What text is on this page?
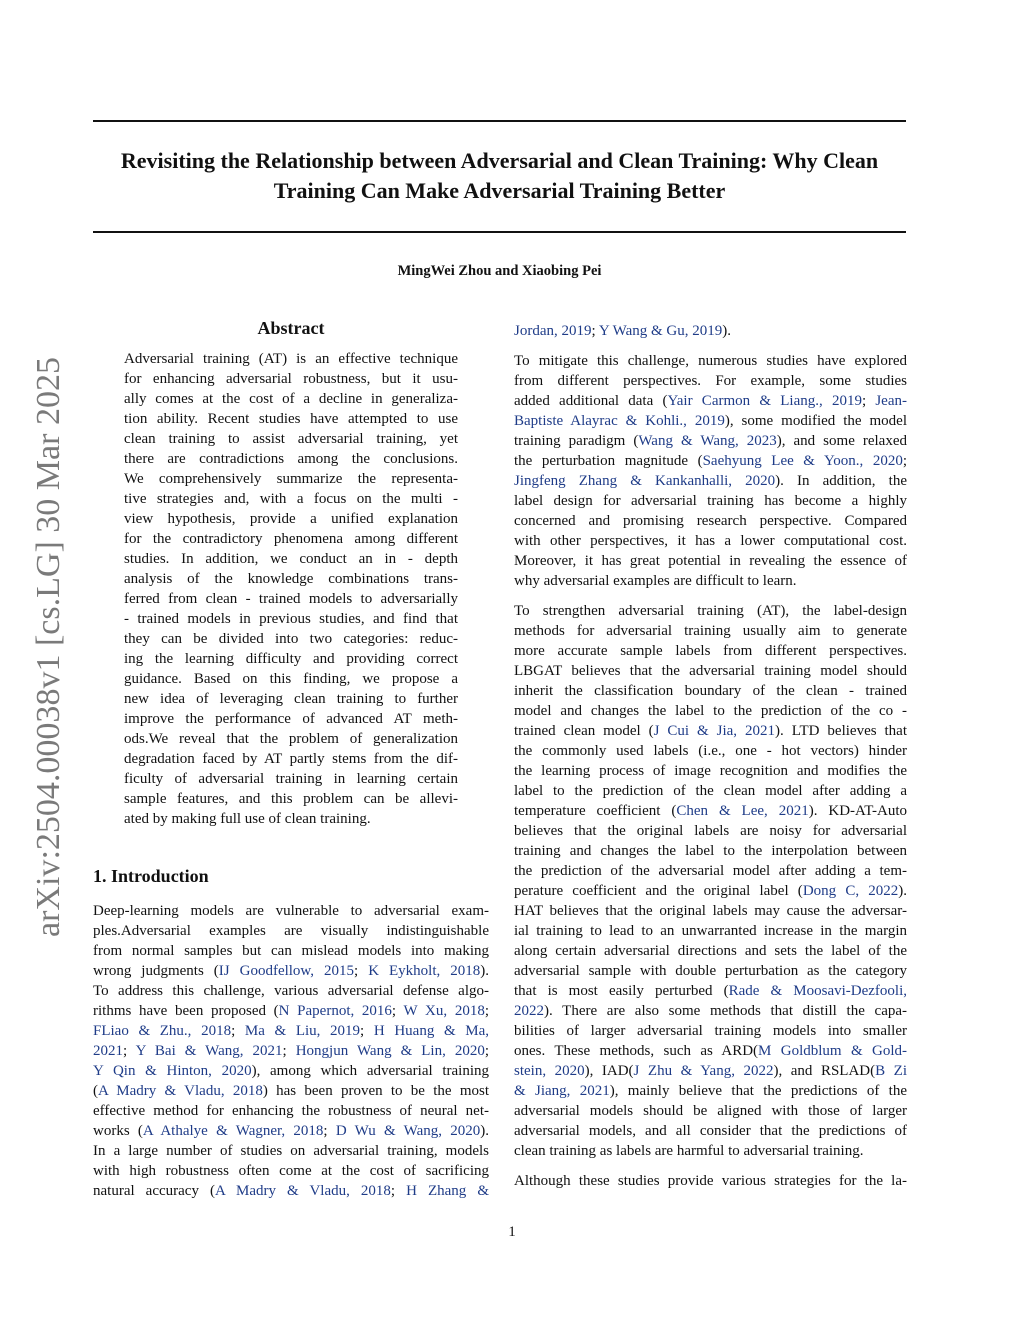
Revisiting the Relationship between Adversarial and Clean Training: Why Clean
Training Can Make Adversarial Training Better
MingWei Zhou and Xiaobing Pei
arXiv:2504.00038v1 [cs.LG] 30 Mar 2025
Abstract
Adversarial training (AT) is an effective technique
for enhancing adversarial robustness, but it usu-
ally comes at the cost of a decline in generaliza-
tion ability. Recent studies have attempted to use
clean training to assist adversarial training, yet
there are contradictions among the conclusions.
We comprehensively summarize the representa-
tive strategies and, with a focus on the multi -
view hypothesis, provide a unified explanation
for the contradictory phenomena among different
studies. In addition, we conduct an in - depth
analysis of the knowledge combinations trans-
ferred from clean - trained models to adversarially
- trained models in previous studies, and find that
they can be divided into two categories: reduc-
ing the learning difficulty and providing correct
guidance. Based on this finding, we propose a
new idea of leveraging clean training to further
improve the performance of advanced AT meth-
ods.We reveal that the problem of generalization
degradation faced by AT partly stems from the dif-
ficulty of adversarial training in learning certain
sample features, and this problem can be allevi-
ated by making full use of clean training.
1. Introduction
Deep-learning models are vulnerable to adversarial exam-
ples.Adversarial examples are visually indistinguishable
from normal samples but can mislead models into making
wrong judgments (IJ Goodfellow, 2015; K Eykholt, 2018).
To address this challenge, various adversarial defense algo-
rithms have been proposed (N Papernot, 2016; W Xu, 2018;
FLiao & Zhu., 2018; Ma & Liu, 2019; H Huang & Ma,
2021; Y Bai & Wang, 2021; Hongjun Wang & Lin, 2020;
Y Qin & Hinton, 2020), among which adversarial training
(A Madry & Vladu, 2018) has been proven to be the most
effective method for enhancing the robustness of neural net-
works (A Athalye & Wagner, 2018; D Wu & Wang, 2020).
In a large number of studies on adversarial training, models
with high robustness often come at the cost of sacrificing
natural accuracy (A Madry & Vladu, 2018; H Zhang &
Jordan, 2019; Y Wang & Gu, 2019).
To mitigate this challenge, numerous studies have explored
from different perspectives. For example, some studies
added additional data (Yair Carmon & Liang., 2019; Jean-
Baptiste Alayrac & Kohli., 2019), some modified the model
training paradigm (Wang & Wang, 2023), and some relaxed
the perturbation magnitude (Saehyung Lee & Yoon., 2020;
Jingfeng Zhang & Kankanhalli, 2020). In addition, the
label design for adversarial training has become a highly
concerned and promising research perspective. Compared
with other perspectives, it has a lower computational cost.
Moreover, it has great potential in revealing the essence of
why adversarial examples are difficult to learn.
To strengthen adversarial training (AT), the label-design
methods for adversarial training usually aim to generate
more accurate sample labels from different perspectives.
LBGAT believes that the adversarial training model should
inherit the classification boundary of the clean - trained
model and changes the label to the prediction of the co -
trained clean model (J Cui & Jia, 2021). LTD believes that
the commonly used labels (i.e., one - hot vectors) hinder
the learning process of image recognition and modifies the
label to the prediction of the clean model after adding a
temperature coefficient (Chen & Lee, 2021). KD-AT-Auto
believes that the original labels are noisy for adversarial
training and changes the label to the interpolation between
the prediction of the adversarial model after adding a tem-
perature coefficient and the original label (Dong C, 2022).
HAT believes that the original labels may cause the adversar-
ial training to lead to an unwarranted increase in the margin
along certain adversarial directions and sets the label of the
adversarial sample with double perturbation as the category
that is most easily perturbed (Rade & Moosavi-Dezfooli,
2022). There are also some methods that distill the capa-
bilities of larger adversarial training models into smaller
ones. These methods, such as ARD(M Goldblum & Gold-
stein, 2020), IAD(J Zhu & Yang, 2022), and RSLAD(B Zi
& Jiang, 2021), mainly believe that the predictions of the
adversarial models should be aligned with those of larger
adversarial models, and all consider that the predictions of
clean training as labels are harmful to adversarial training.
Although these studies provide various strategies for the la-
1
